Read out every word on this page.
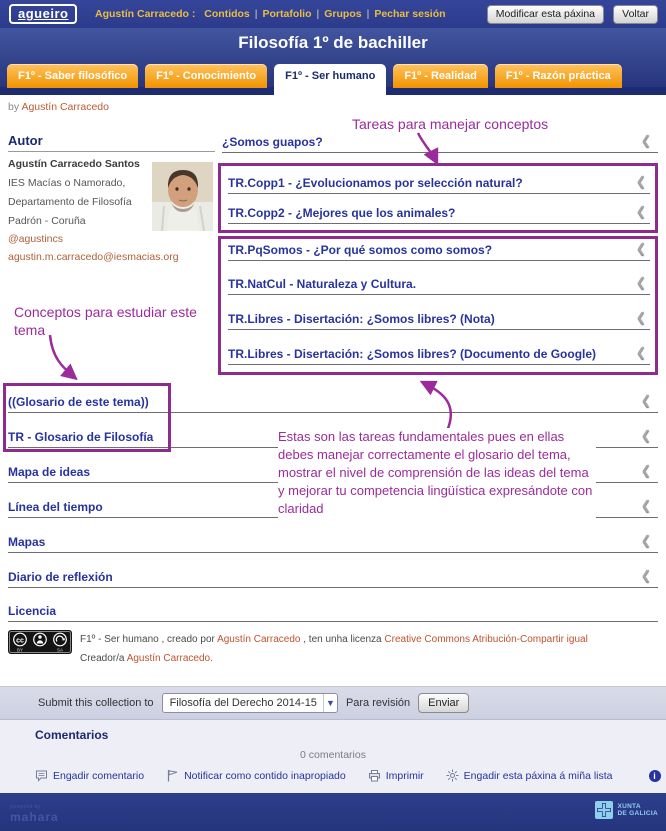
agueiro	Agustín Carracedo : Contidos | Portafolio | Grupos | Pechar sesión	Modificar esta páxina	Voltar
Filosofía 1º de bachiller
F1º - Saber filosófico	F1º - Conocimiento	F1º - Ser humano	F1º - Realidad	F1º - Razón práctica
by Agustín Carracedo
Autor
Agustín Carracedo Santos
IES Macías o Namorado,
Departamento de Filosofía
Padrón - Coruña
@agustincs
agustin.m.carracedo@iesmacias.org
¿Somos guapos?	❮
TR.Copp1 - ¿Evolucionamos por selección natural?	❮
TR.Copp2 - ¿Mejores que los animales?	❮
TR.PqSomos - ¿Por qué somos como somos?	❮
TR.NatCul - Naturaleza y Cultura.	❮
TR.Libres - Disertación: ¿Somos libres? (Nota)	❮
TR.Libres - Disertación: ¿Somos libres? (Documento de Google)	❮
((Glosario de este tema))	❮
TR - Glosario de Filosofía	❮
Mapa de ideas	❮
Línea del tiempo	❮
Mapas	❮
Diario de reflexión	❮
Licencia
cc
BY	SA
F1º - Ser humano , creado por Agustín Carracedo , ten unha licenza Creative Commons Atribución-Compartir igual
Creador/a Agustín Carracedo.
Tareas para manejar conceptos
Conceptos para estudiar este tema
Estas son las tareas fundamentales pues en ellas debes manejar correctamente el glosario del tema, mostrar el nivel de comprensión de las ideas del tema y mejorar tu competencia lingüística expresándote con claridad
Submit this collection to Filosofía del Derecho 2014-15	▼ Para revisión	Enviar
Comentarios
0 comentarios
Engadir comentario	Notificar como contido inapropiado	Imprimir	Engadir esta páxina á miña lista	i
powered by
mahara
XUNTA
DE GALICIA
